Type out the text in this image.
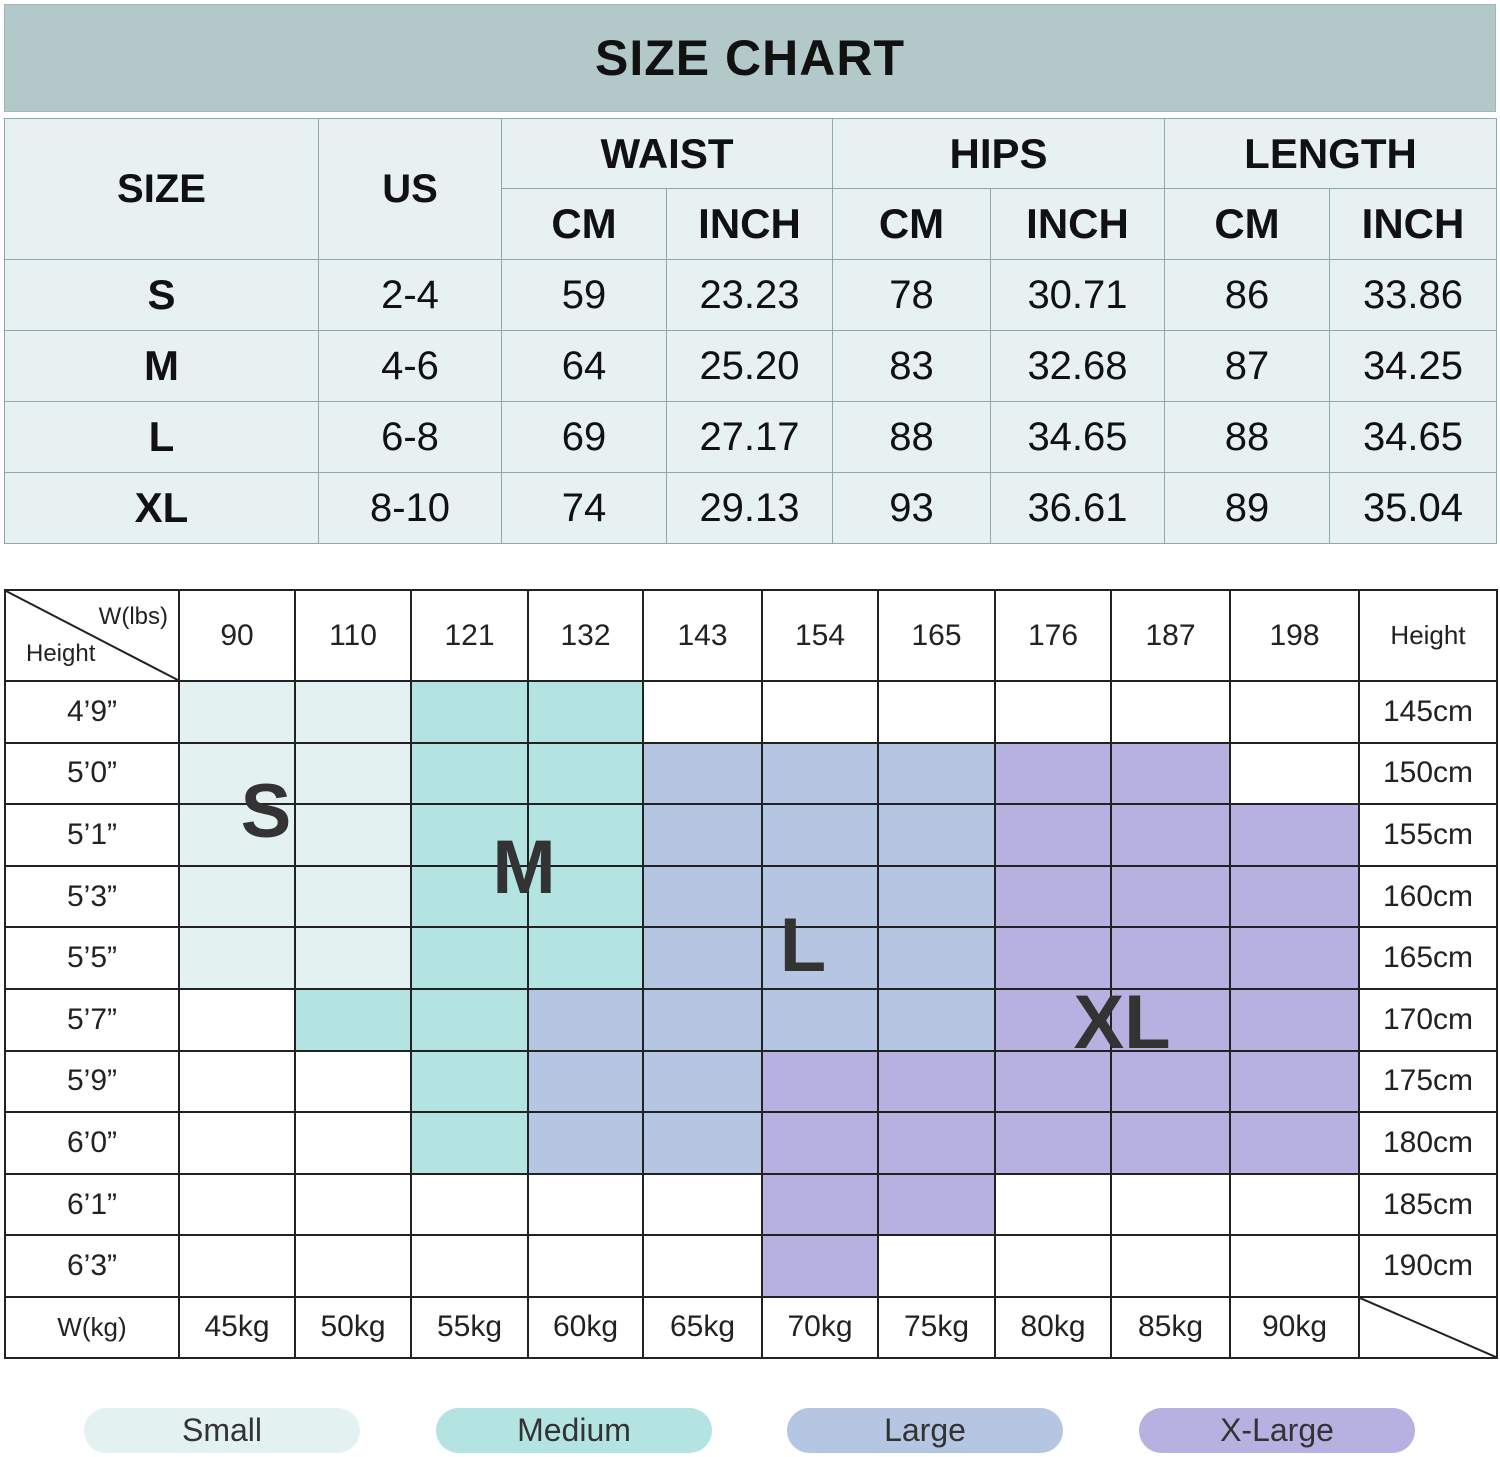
SIZE CHART
SIZE	US	WAIST		HIPS		LENGTH	
		CM	INCH	CM	INCH	CM	INCH
S	2-4	59	23.23	78	30.71	86	33.86
M	4-6	64	25.20	83	32.68	87	34.25
L	6-8	69	27.17	88	34.65	88	34.65
XL	8-10	74	29.13	93	36.61	89	35.04
W(lbs)
Height	90	110	121	132	143	154	165	176	187	198	Height
4’9”											145cm
5’0”											150cm
5’1”											155cm
5’3”											160cm
5’5”											165cm
5’7”											170cm
5’9”											175cm
6’0”											180cm
6’1”											185cm
6’3”											190cm
W(kg)	45kg	50kg	55kg	60kg	65kg	70kg	75kg	80kg	85kg	90kg	
S
M
L
XL
Small	Medium	Large	X-Large
